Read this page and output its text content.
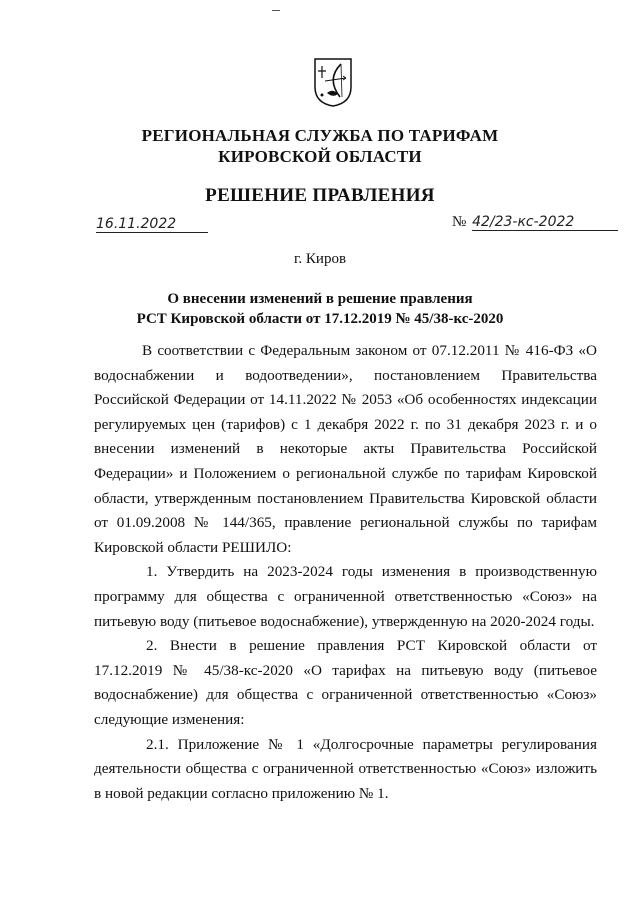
РЕГИОНАЛЬНАЯ СЛУЖБА ПО ТАРИФАМ
КИРОВСКОЙ ОБЛАСТИ
РЕШЕНИЕ ПРАВЛЕНИЯ
16.11.2022	№ 42/23-кс-2022
г. Киров
О внесении изменений в решение правления
РСТ Кировской области от 17.12.2019 № 45/38-кс-2020

В соответствии с Федеральным законом от 07.12.2011 № 416-ФЗ «О водоснабжении и водоотведении», постановлением Правительства Российской Федерации от 14.11.2022 № 2053 «Об особенностях индексации регулируемых цен (тарифов) с 1 декабря 2022 г. по 31 декабря 2023 г. и о внесении изменений в некоторые акты Правительства Российской Федерации» и Положением о региональной службе по тарифам Кировской области, утвержденным постановлением Правительства Кировской области от 01.09.2008 № 144/365, правление региональной службы по тарифам Кировской области РЕШИЛО:

1. Утвердить на 2023-2024 годы изменения в производственную программу для общества с ограниченной ответственностью «Союз» на питьевую воду (питьевое водоснабжение), утвержденную на 2020-2024 годы.

2. Внести в решение правления РСТ Кировской области от 17.12.2019 № 45/38-кс-2020 «О тарифах на питьевую воду (питьевое водоснабжение) для общества с ограниченной ответственностью «Союз» следующие изменения:

2.1. Приложение № 1 «Долгосрочные параметры регулирования деятельности общества с ограниченной ответственностью «Союз» изложить в новой редакции согласно приложению № 1.
